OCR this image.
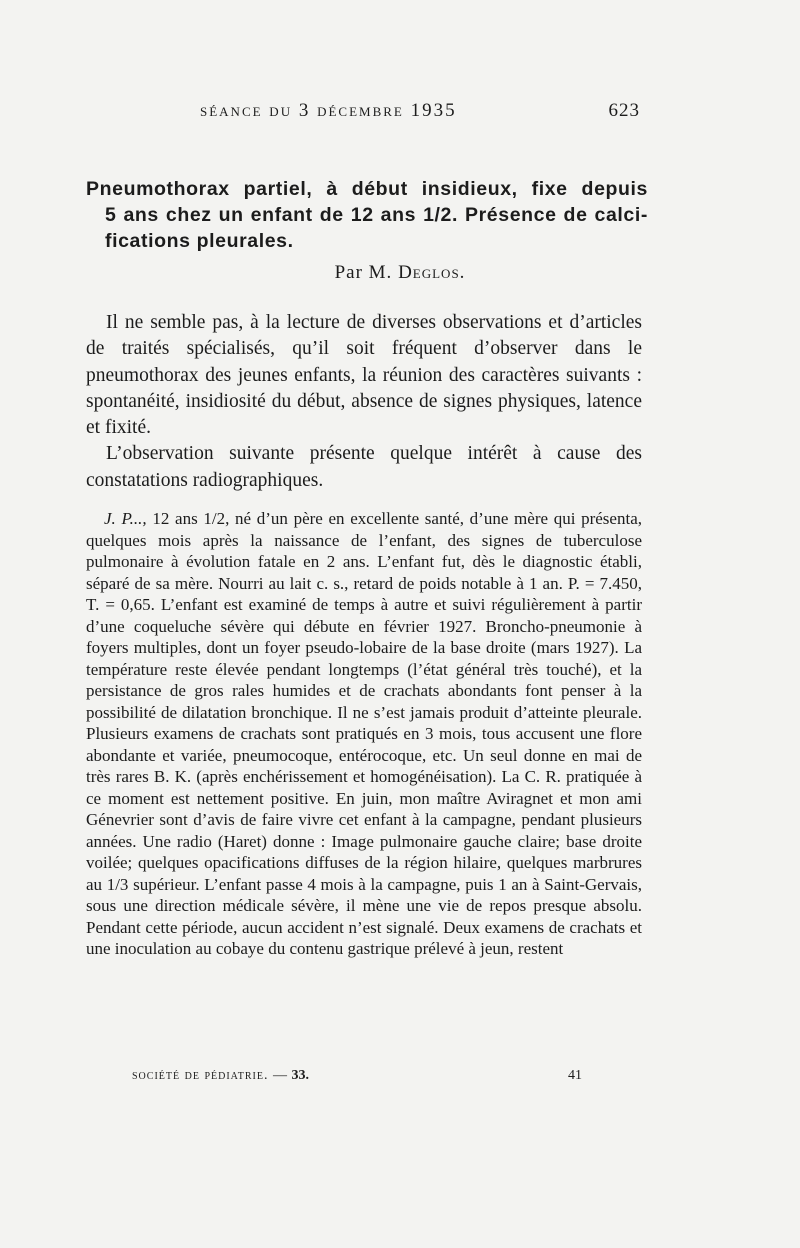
séance du 3 décembre 1935	623
Pneumothorax partiel, à début insidieux, fixe depuis
5 ans chez un enfant de 12 ans 1/2. Présence de calci-
fications pleurales.
Par M. Deglos.

Il ne semble pas, à la lecture de diverses observations et d’articles de traités spécialisés, qu’il soit fréquent d’observer dans le pneumothorax des jeunes enfants, la réunion des caractères suivants : spontanéité, insidiosité du début, absence de signes physiques, latence et fixité.

L’observation suivante présente quelque intérêt à cause des constatations radiographiques.

J. P..., 12 ans 1/2, né d’un père en excellente santé, d’une mère qui présenta, quelques mois après la naissance de l’enfant, des signes de tuberculose pulmonaire à évolution fatale en 2 ans. L’enfant fut, dès le diagnostic établi, séparé de sa mère. Nourri au lait c. s., retard de poids notable à 1 an. P. = 7.450, T. = 0,65. L’enfant est examiné de temps à autre et suivi régulièrement à partir d’une coqueluche sévère qui débute en février 1927. Broncho-pneumonie à foyers multiples, dont un foyer pseudo-lobaire de la base droite (mars 1927). La température reste élevée pendant longtemps (l’état général très touché), et la persistance de gros rales humides et de crachats abondants font penser à la possibilité de dilatation bronchique. Il ne s’est jamais produit d’atteinte pleurale. Plusieurs examens de crachats sont pratiqués en 3 mois, tous accusent une flore abondante et variée, pneumocoque, entérocoque, etc. Un seul donne en mai de très rares B. K. (après enchérissement et homogénéisation). La C. R. pratiquée à ce moment est nettement positive. En juin, mon maître Aviragnet et mon ami Génevrier sont d’avis de faire vivre cet enfant à la campagne, pendant plusieurs années. Une radio (Haret) donne : Image pulmonaire gauche claire; base droite voilée; quelques opacifications diffuses de la région hilaire, quelques marbrures au 1/3 supérieur. L’enfant passe 4 mois à la campagne, puis 1 an à Saint-Gervais, sous une direction médicale sévère, il mène une vie de repos presque absolu. Pendant cette période, aucun accident n’est signalé. Deux examens de crachats et une inoculation au cobaye du contenu gastrique prélevé à jeun, restent

société de pédiatrie. — 33.	41
